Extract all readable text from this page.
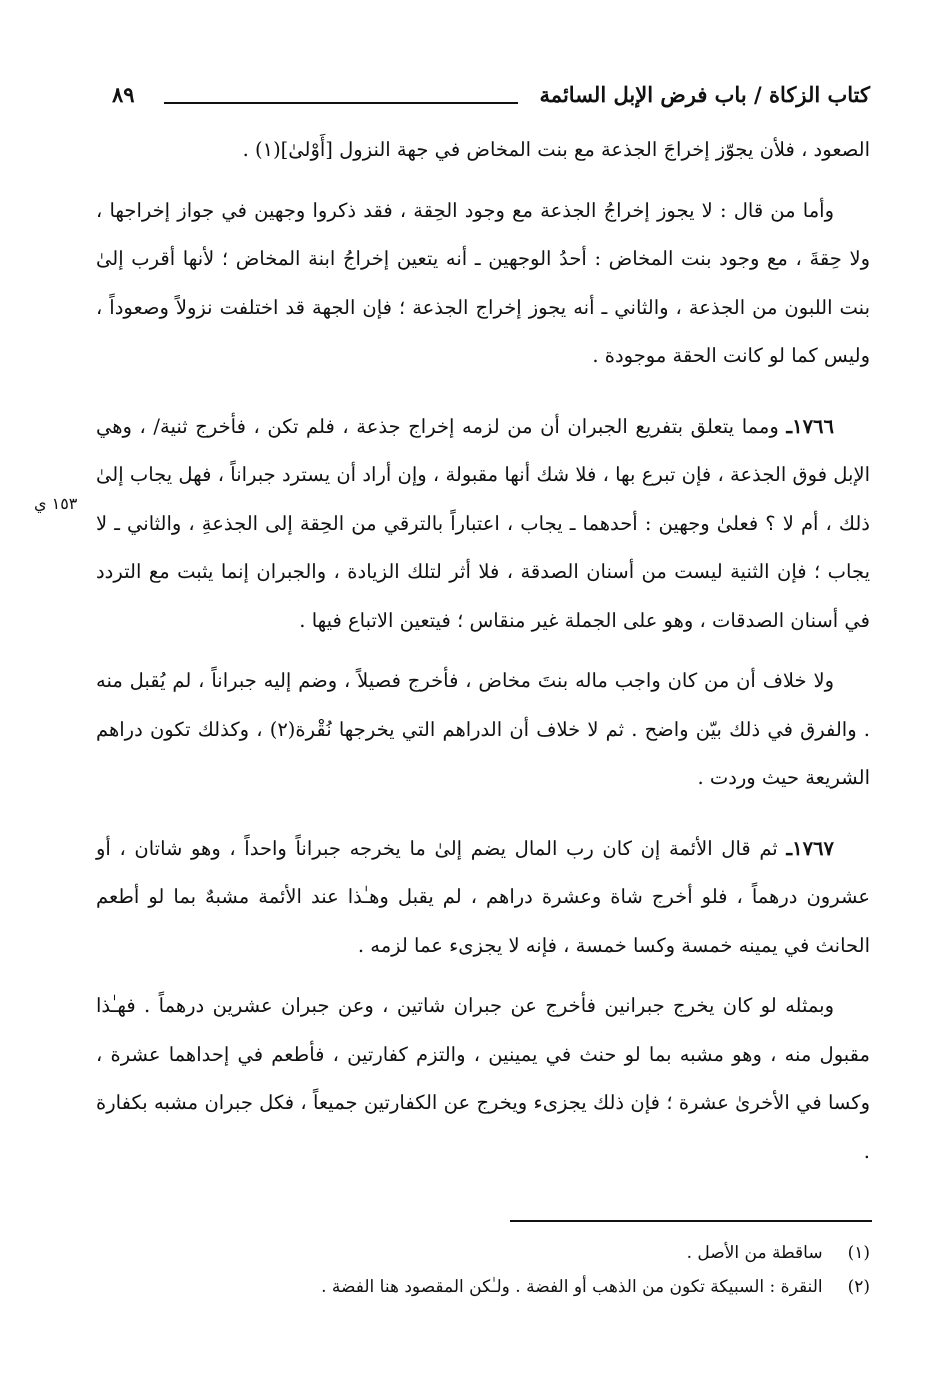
كتاب الزكاة / باب فرض الإبل السائمة
٨٩
١٥٣ ي

الصعود ، فلأن يجوّز إخراجَ الجذعة مع بنت المخاض في جهة النزول [أَوْلىٰ](١) .

وأما من قال : لا يجوز إخراجُ الجذعة مع وجود الحِقة ، فقد ذكروا وجهين في جواز إخراجها ، ولا حِقةَ ، مع وجود بنت المخاض : أحدُ الوجهين ـ أنه يتعين إخراجُ ابنة المخاض ؛ لأنها أقرب إلىٰ بنت اللبون من الجذعة ، والثاني ـ أنه يجوز إخراج الجذعة ؛ فإن الجهة قد اختلفت نزولاً وصعوداً ، وليس كما لو كانت الحقة موجودة .

١٧٦٦ـ ومما يتعلق بتفريع الجبران أن من لزمه إخراج جذعة ، فلم تكن ، فأخرج ثنية/ ، وهي الإبل فوق الجذعة ، فإن تبرع بها ، فلا شك أنها مقبولة ، وإن أراد أن يسترد جبراناً ، فهل يجاب إلىٰ ذلك ، أم لا ؟ فعلىٰ وجهين : أحدهما ـ يجاب ، اعتباراً بالترقي من الحِقة إلى الجذعةِ ، والثاني ـ لا يجاب ؛ فإن الثنية ليست من أسنان الصدقة ، فلا أثر لتلك الزيادة ، والجبران إنما يثبت مع التردد في أسنان الصدقات ، وهو على الجملة غير منقاس ؛ فيتعين الاتباع فيها .

ولا خلاف أن من كان واجب ماله بنتَ مخاض ، فأخرج فصيلاً ، وضم إليه جبراناً ، لم يُقبل منه . والفرق في ذلك بيّن واضح . ثم لا خلاف أن الدراهم التي يخرجها نُقْرة(٢) ، وكذلك تكون دراهم الشريعة حيث وردت .

١٧٦٧ـ ثم قال الأئمة إن كان رب المال يضم إلىٰ ما يخرجه جبراناً واحداً ، وهو شاتان ، أو عشرون درهماً ، فلو أخرج شاة وعشرة دراهم ، لم يقبل وهـٰذا عند الأئمة مشبهٌ بما لو أطعم الحانث في يمينه خمسة وكسا خمسة ، فإنه لا يجزىء عما لزمه .

وبمثله لو كان يخرج جبرانين فأخرج عن جبران شاتين ، وعن جبران عشرين درهماً . فهـٰذا مقبول منه ، وهو مشبه بما لو حنث في يمينين ، والتزم كفارتين ، فأطعم في إحداهما عشرة ، وكسا في الأخرىٰ عشرة ؛ فإن ذلك يجزىء ويخرج عن الكفارتين جميعاً ، فكل جبران مشبه بكفارة .

(١) ساقطة من الأصل .

(٢) النقرة : السبيكة تكون من الذهب أو الفضة . ولـٰكن المقصود هنا الفضة .
